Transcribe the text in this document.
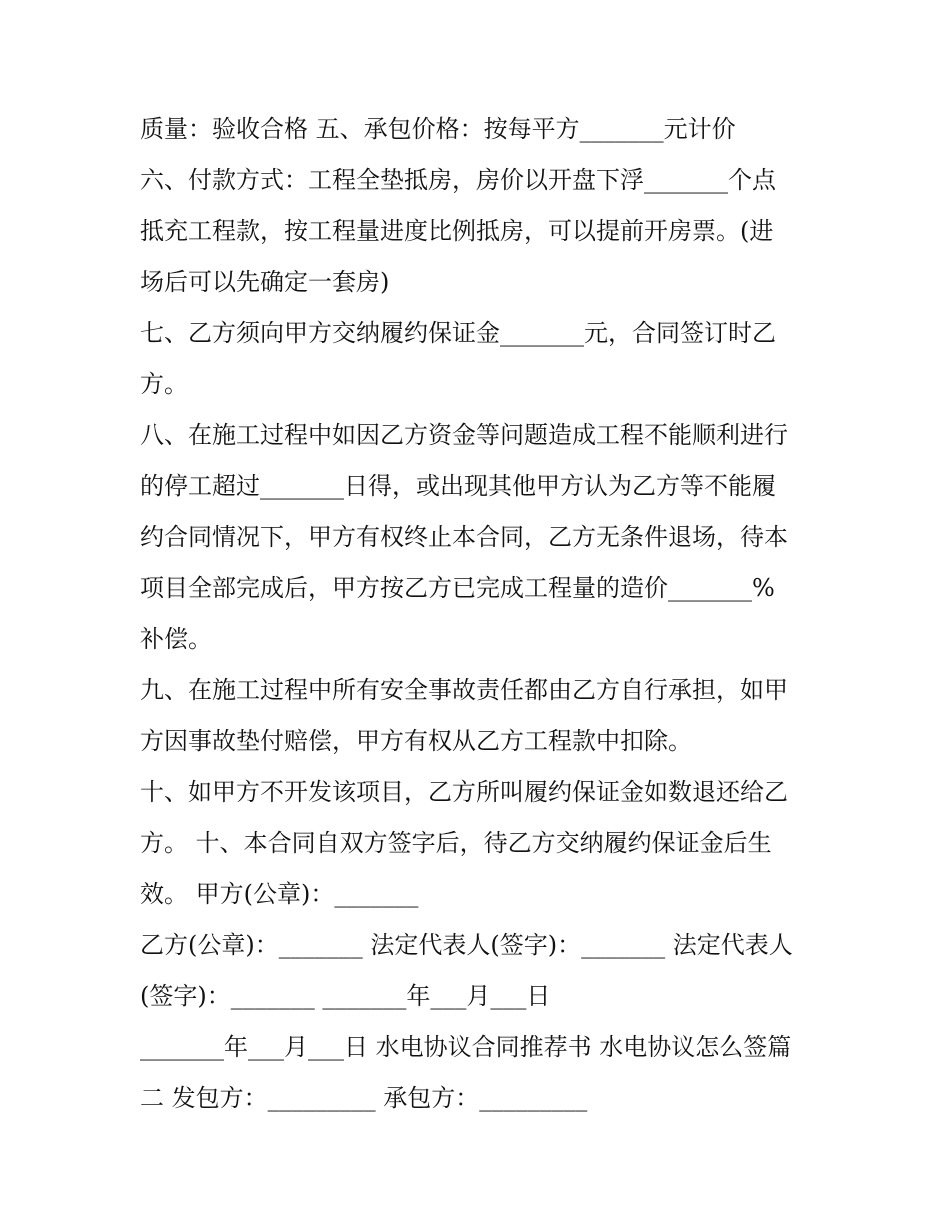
质量：验收合格 五、承包价格：按每平方_______元计价
六、付款方式：工程全垫抵房，房价以开盘下浮_______个点
抵充工程款，按工程量进度比例抵房，可以提前开房票。(进
场后可以先确定一套房)
七、乙方须向甲方交纳履约保证金_______元，合同签订时乙
方。
八、在施工过程中如因乙方资金等问题造成工程不能顺利进行
的停工超过_______日得，或出现其他甲方认为乙方等不能履
约合同情况下，甲方有权终止本合同，乙方无条件退场，待本
项目全部完成后，甲方按乙方已完成工程量的造价_______%
补偿。
九、在施工过程中所有安全事故责任都由乙方自行承担，如甲
方因事故垫付赔偿，甲方有权从乙方工程款中扣除。
十、如甲方不开发该项目，乙方所叫履约保证金如数退还给乙
方。 十、本合同自双方签字后，待乙方交纳履约保证金后生
效。 甲方(公章)：_______
乙方(公章)：_______ 法定代表人(签字)：_______ 法定代表人
(签字)：_______ _______年___月___日
_______年___月___日 水电协议合同推荐书 水电协议怎么签篇
二 发包方：_________ 承包方：_________
